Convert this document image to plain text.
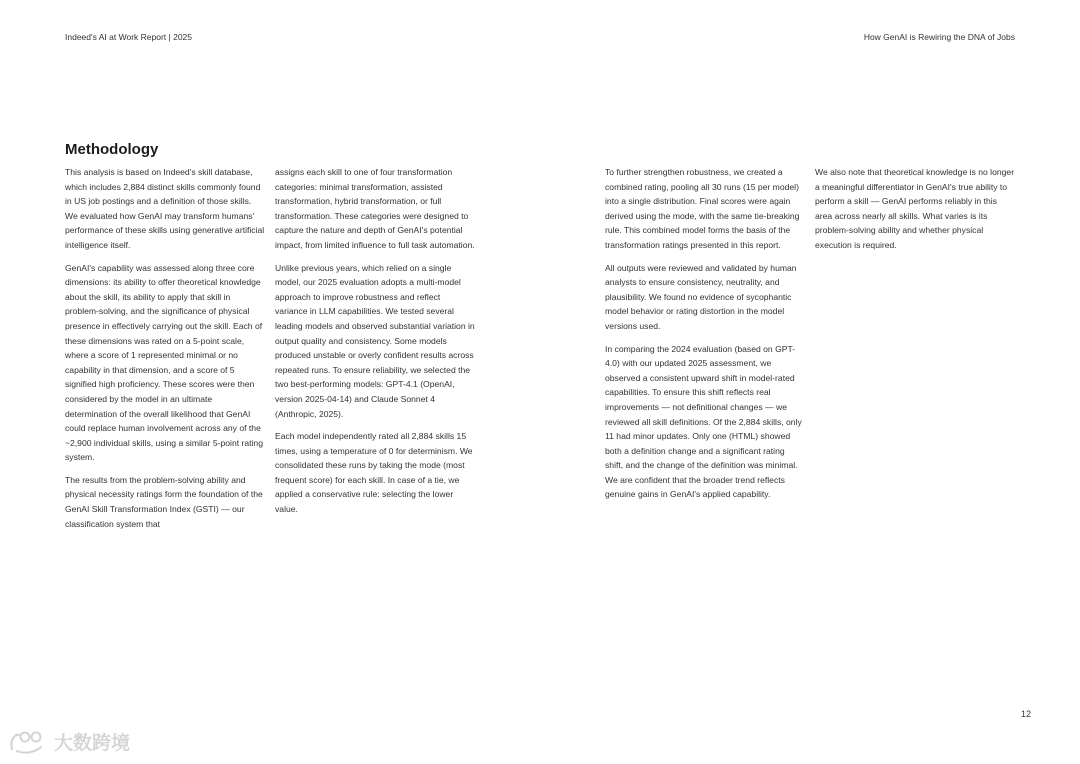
Indeed's AI at Work Report | 2025	How GenAI is Rewiring the DNA of Jobs
Methodology

This analysis is based on Indeed's skill database, which includes 2,884 distinct skills commonly found in US job postings and a definition of those skills. We evaluated how GenAI may transform humans' performance of these skills using generative artificial intelligence itself.

GenAI's capability was assessed along three core dimensions: its ability to offer theoretical knowledge about the skill, its ability to apply that skill in problem-solving, and the significance of physical presence in effectively carrying out the skill. Each of these dimensions was rated on a 5-point scale, where a score of 1 represented minimal or no capability in that dimension, and a score of 5 signified high proficiency. These scores were then considered by the model in an ultimate determination of the overall likelihood that GenAI could replace human involvement across any of the ~2,900 individual skills, using a similar 5-point rating system.

The results from the problem-solving ability and physical necessity ratings form the foundation of the GenAI Skill Transformation Index (GSTI) — our classification system that

assigns each skill to one of four transformation categories: minimal transformation, assisted transformation, hybrid transformation, or full transformation. These categories were designed to capture the nature and depth of GenAI's potential impact, from limited influence to full task automation.

Unlike previous years, which relied on a single model, our 2025 evaluation adopts a multi-model approach to improve robustness and reflect variance in LLM capabilities. We tested several leading models and observed substantial variation in output quality and consistency. Some models produced unstable or overly confident results across repeated runs. To ensure reliability, we selected the two best-performing models: GPT-4.1 (OpenAI, version 2025-04-14) and Claude Sonnet 4 (Anthropic, 2025).

Each model independently rated all 2,884 skills 15 times, using a temperature of 0 for determinism. We consolidated these runs by taking the mode (most frequent score) for each skill. In case of a tie, we applied a conservative rule: selecting the lower value.

To further strengthen robustness, we created a combined rating, pooling all 30 runs (15 per model) into a single distribution. Final scores were again derived using the mode, with the same tie-breaking rule. This combined model forms the basis of the transformation ratings presented in this report.

All outputs were reviewed and validated by human analysts to ensure consistency, neutrality, and plausibility. We found no evidence of sycophantic model behavior or rating distortion in the model versions used.

In comparing the 2024 evaluation (based on GPT-4.0) with our updated 2025 assessment, we observed a consistent upward shift in model-rated capabilities. To ensure this shift reflects real improvements — not definitional changes — we reviewed all skill definitions. Of the 2,884 skills, only 11 had minor updates. Only one (HTML) showed both a definition change and a significant rating shift, and the change of the definition was minimal. We are confident that the broader trend reflects genuine gains in GenAI's applied capability.

We also note that theoretical knowledge is no longer a meaningful differentiator in GenAI's true ability to perform a skill — GenAI performs reliably in this area across nearly all skills. What varies is its problem-solving ability and whether physical execution is required.

12
大数跨境
